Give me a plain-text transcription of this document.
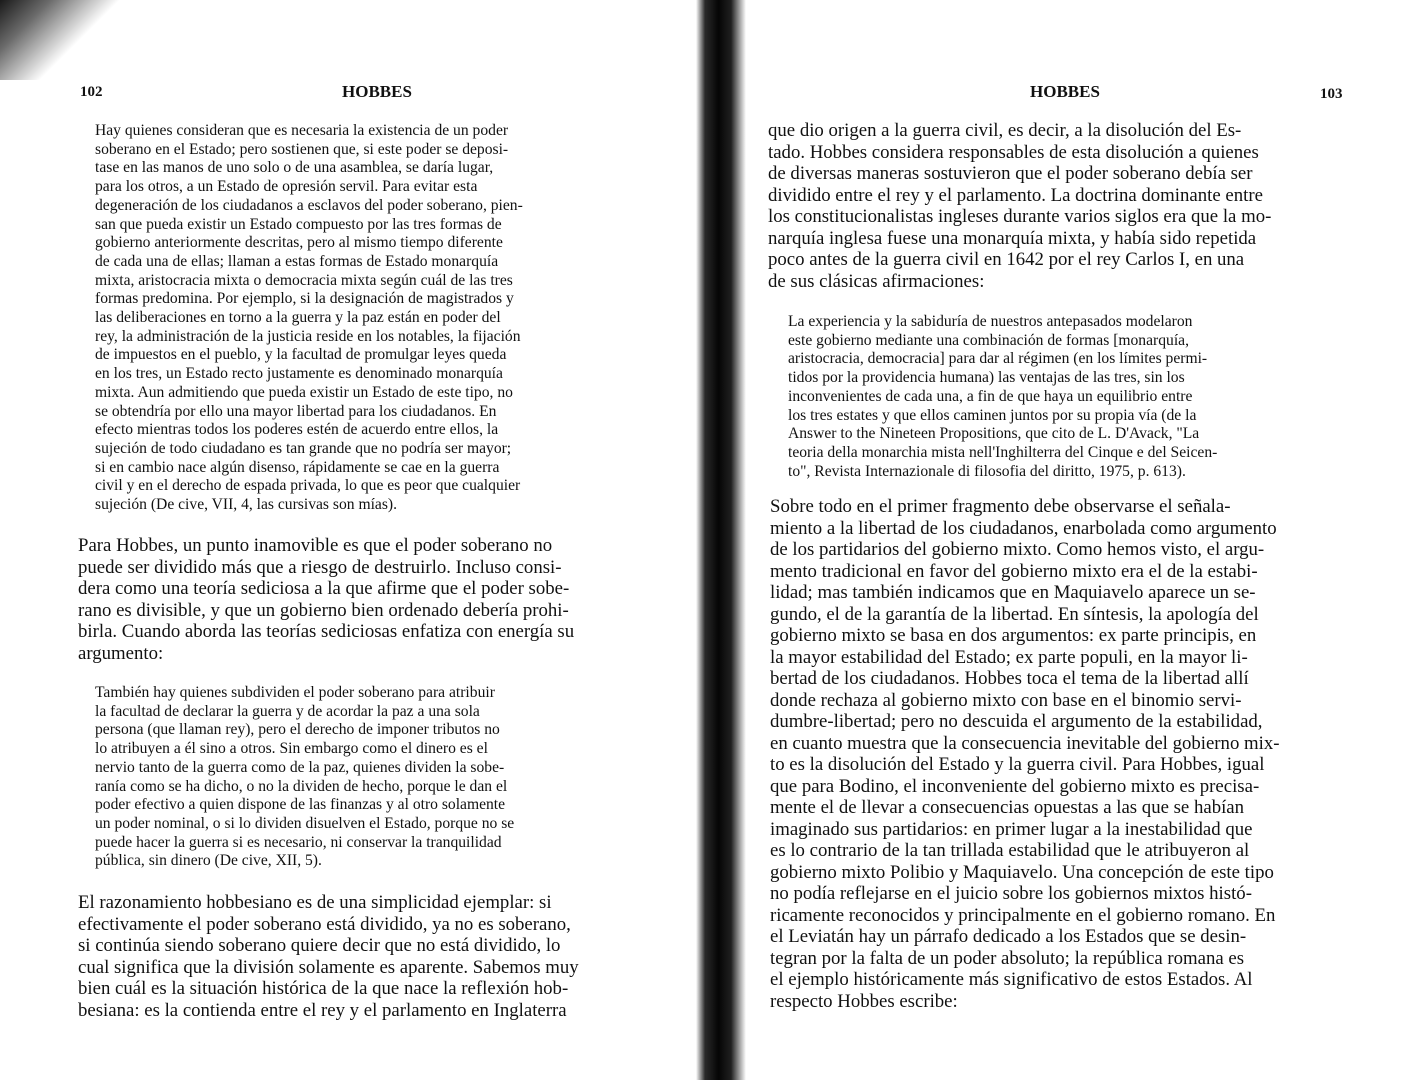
102	HOBBES
Hay quienes consideran que es necesaria la existencia de un poder
soberano en el Estado; pero sostienen que, si este poder se deposi-
tase en las manos de uno solo o de una asamblea, se daría lugar,
para los otros, a un Estado de opresión servil. Para evitar esta
degeneración de los ciudadanos a esclavos del poder soberano, pien-
san que pueda existir un Estado compuesto por las tres formas de
gobierno anteriormente descritas, pero al mismo tiempo diferente
de cada una de ellas; llaman a estas formas de Estado monarquía
mixta, aristocracia mixta o democracia mixta según cuál de las tres
formas predomina. Por ejemplo, si la designación de magistrados y
las deliberaciones en torno a la guerra y la paz están en poder del
rey, la administración de la justicia reside en los notables, la fijación
de impuestos en el pueblo, y la facultad de promulgar leyes queda
en los tres, un Estado recto justamente es denominado monarquía
mixta. Aun admitiendo que pueda existir un Estado de este tipo, no
se obtendría por ello una mayor libertad para los ciudadanos. En
efecto mientras todos los poderes estén de acuerdo entre ellos, la
sujeción de todo ciudadano es tan grande que no podría ser mayor;
si en cambio nace algún disenso, rápidamente se cae en la guerra
civil y en el derecho de espada privada, lo que es peor que cualquier
sujeción (De cive, VII, 4, las cursivas son mías).
Para Hobbes, un punto inamovible es que el poder soberano no
puede ser dividido más que a riesgo de destruirlo. Incluso consi-
dera como una teoría sediciosa a la que afirme que el poder sobe-
rano es divisible, y que un gobierno bien ordenado debería prohi-
birla. Cuando aborda las teorías sediciosas enfatiza con energía su
argumento:
También hay quienes subdividen el poder soberano para atribuir
la facultad de declarar la guerra y de acordar la paz a una sola
persona (que llaman rey), pero el derecho de imponer tributos no
lo atribuyen a él sino a otros. Sin embargo como el dinero es el
nervio tanto de la guerra como de la paz, quienes dividen la sobe-
ranía como se ha dicho, o no la dividen de hecho, porque le dan el
poder efectivo a quien dispone de las finanzas y al otro solamente
un poder nominal, o si lo dividen disuelven el Estado, porque no se
puede hacer la guerra si es necesario, ni conservar la tranquilidad
pública, sin dinero (De cive, XII, 5).
El razonamiento hobbesiano es de una simplicidad ejemplar: si
efectivamente el poder soberano está dividido, ya no es soberano,
si continúa siendo soberano quiere decir que no está dividido, lo
cual significa que la división solamente es aparente. Sabemos muy
bien cuál es la situación histórica de la que nace la reflexión hob-
besiana: es la contienda entre el rey y el parlamento en Inglaterra
HOBBES	103
que dio origen a la guerra civil, es decir, a la disolución del Es-
tado. Hobbes considera responsables de esta disolución a quienes
de diversas maneras sostuvieron que el poder soberano debía ser
dividido entre el rey y el parlamento. La doctrina dominante entre
los constitucionalistas ingleses durante varios siglos era que la mo-
narquía inglesa fuese una monarquía mixta, y había sido repetida
poco antes de la guerra civil en 1642 por el rey Carlos I, en una
de sus clásicas afirmaciones:
La experiencia y la sabiduría de nuestros antepasados modelaron
este gobierno mediante una combinación de formas [monarquía,
aristocracia, democracia] para dar al régimen (en los límites permi-
tidos por la providencia humana) las ventajas de las tres, sin los
inconvenientes de cada una, a fin de que haya un equilibrio entre
los tres estates y que ellos caminen juntos por su propia vía (de la
Answer to the Nineteen Propositions, que cito de L. D'Avack, "La
teoria della monarchia mista nell'Inghilterra del Cinque e del Seicen-
to", Revista Internazionale di filosofia del diritto, 1975, p. 613).
Sobre todo en el primer fragmento debe observarse el señala-
miento a la libertad de los ciudadanos, enarbolada como argumento
de los partidarios del gobierno mixto. Como hemos visto, el argu-
mento tradicional en favor del gobierno mixto era el de la estabi-
lidad; mas también indicamos que en Maquiavelo aparece un se-
gundo, el de la garantía de la libertad. En síntesis, la apología del
gobierno mixto se basa en dos argumentos: ex parte principis, en
la mayor estabilidad del Estado; ex parte populi, en la mayor li-
bertad de los ciudadanos. Hobbes toca el tema de la libertad allí
donde rechaza al gobierno mixto con base en el binomio servi-
dumbre-libertad; pero no descuida el argumento de la estabilidad,
en cuanto muestra que la consecuencia inevitable del gobierno mix-
to es la disolución del Estado y la guerra civil. Para Hobbes, igual
que para Bodino, el inconveniente del gobierno mixto es precisa-
mente el de llevar a consecuencias opuestas a las que se habían
imaginado sus partidarios: en primer lugar a la inestabilidad que
es lo contrario de la tan trillada estabilidad que le atribuyeron al
gobierno mixto Polibio y Maquiavelo. Una concepción de este tipo
no podía reflejarse en el juicio sobre los gobiernos mixtos histó-
ricamente reconocidos y principalmente en el gobierno romano. En
el Leviatán hay un párrafo dedicado a los Estados que se desin-
tegran por la falta de un poder absoluto; la república romana es
el ejemplo históricamente más significativo de estos Estados. Al
respecto Hobbes escribe:
